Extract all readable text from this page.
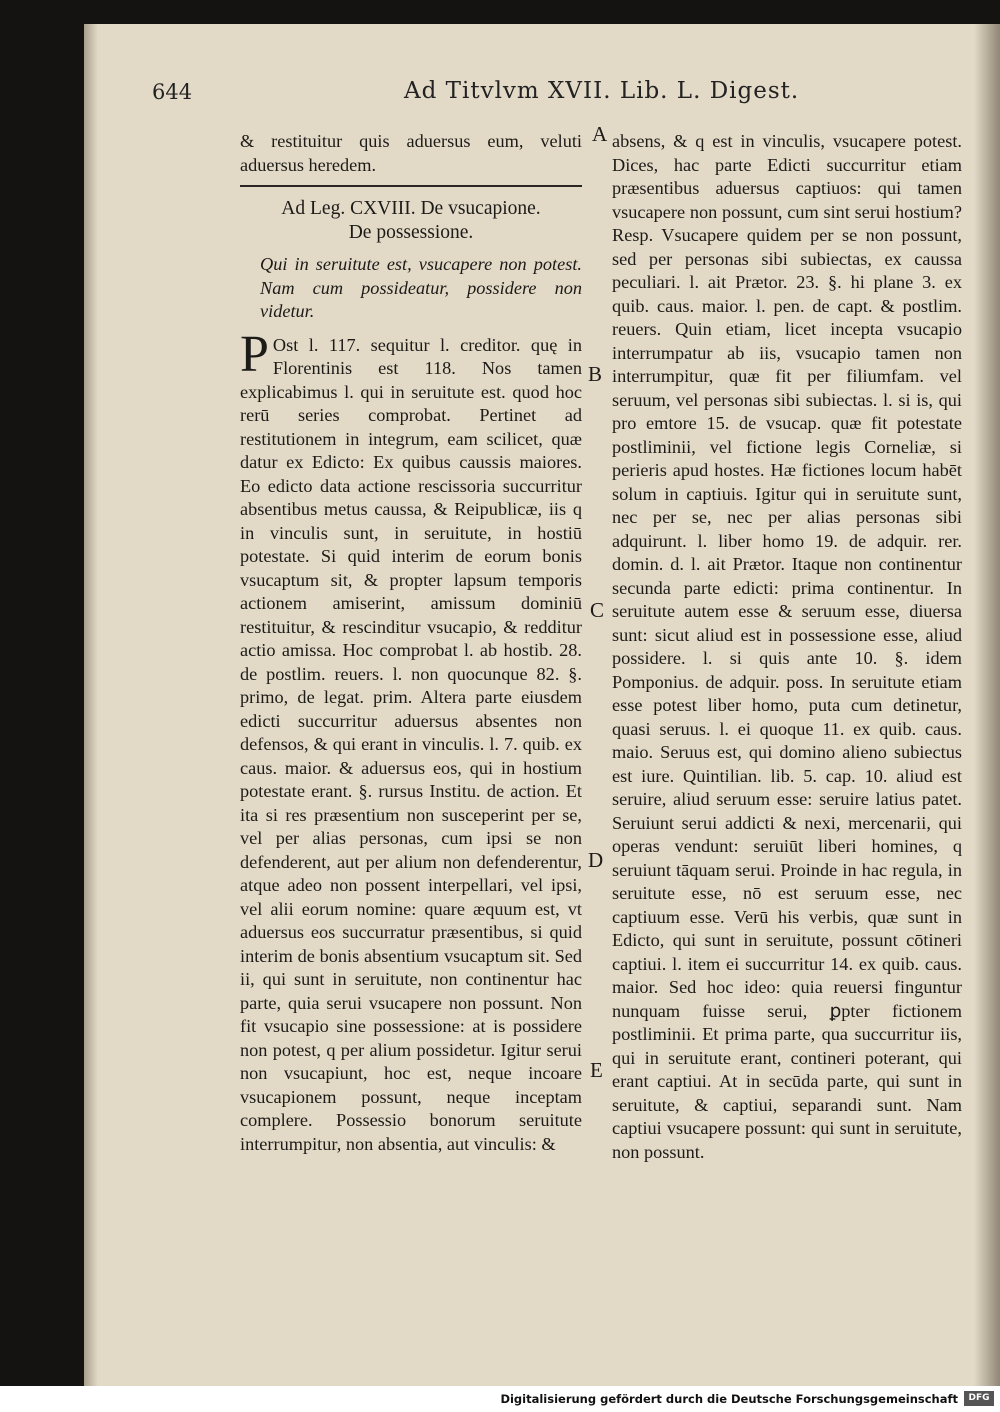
644	Ad Titvlvm XVII. Lib. L. Digest.

& restituitur quis aduersus eum, veluti aduersus heredem.

Ad Leg. CXVIII. De vsucapione.
De possessione.

Qui in seruitute est, vsucapere non potest. Nam cum possideatur, possidere non videtur.

P Ost l. 117. sequitur l. creditor. quę in Florentinis est 118. Nos tamen explicabimus l. qui in seruitute est. quod hoc rerū series comprobat. Pertinet ad restitutionem in integrum, eam scilicet, quæ datur ex Edicto: Ex quibus caussis maiores. Eo edicto data actione rescissoria succurritur absentibus metus caussa, & Reipublicæ, iis q in vinculis sunt, in seruitute, in hostiū potestate. Si quid interim de eorum bonis vsucaptum sit, & propter lapsum temporis actionem amiserint, amissum dominiū restituitur, & rescinditur vsucapio, & redditur actio amissa. Hoc comprobat l. ab hostib. 28. de postlim. reuers. l. non quocunque 82. §. primo, de legat. prim. Altera parte eiusdem edicti succurritur aduersus absentes non defensos, & qui erant in vinculis. l. 7. quib. ex caus. maior. & aduersus eos, qui in hostium potestate erant. §. rursus Institu. de action. Et ita si res præsentium non susceperint per se, vel per alias personas, cum ipsi se non defenderent, aut per alium non defenderentur, atque adeo non possent interpellari, vel ipsi, vel alii eorum nomine: quare æquum est, vt aduersus eos succurratur præsentibus, si quid interim de bonis absentium vsucaptum sit. Sed ii, qui sunt in seruitute, non continentur hac parte, quia serui vsucapere non possunt. Non fit vsucapio sine possessione: at is possidere non potest, q per alium possidetur. Igitur serui non vsucapiunt, hoc est, neque incoare vsucapionem possunt, neque inceptam complere. Possessio bonorum seruitute interrumpitur, non absentia, aut vinculis: &

absens, & q est in vinculis, vsucapere potest. Dices, hac parte Edicti succurritur etiam præsentibus aduersus captiuos: qui tamen vsucapere non possunt, cum sint serui hostium? Resp. Vsucapere quidem per se non possunt, sed per personas sibi subiectas, ex caussa peculiari. l. ait Prætor. 23. §. hi plane 3. ex quib. caus. maior. l. pen. de capt. & postlim. reuers. Quin etiam, licet incepta vsucapio interrumpatur ab iis, vsucapio tamen non interrumpitur, quæ fit per filiumfam. vel seruum, vel personas sibi subiectas. l. si is, qui pro emtore 15. de vsucap. quæ fit potestate postliminii, vel fictione legis Corneliæ, si perieris apud hostes. Hæ fictiones locum habēt solum in captiuis. Igitur qui in seruitute sunt, nec per se, nec per alias personas sibi adquirunt. l. liber homo 19. de adquir. rer. domin. d. l. ait Prætor. Itaque non continentur secunda parte edicti: prima continentur. In seruitute autem esse & seruum esse, diuersa sunt: sicut aliud est in possessione esse, aliud possidere. l. si quis ante 10. §. idem Pomponius. de adquir. poss. In seruitute etiam esse potest liber homo, puta cum detinetur, quasi seruus. l. ei quoque 11. ex quib. caus. maio. Seruus est, qui domino alieno subiectus est iure. Quintilian. lib. 5. cap. 10. aliud est seruire, aliud seruum esse: seruire latius patet. Seruiunt serui addicti & nexi, mercenarii, qui operas vendunt: seruiūt liberi homines, q seruiunt tāquam serui. Proinde in hac regula, in seruitute esse, nō est seruum esse, nec captiuum esse. Verū his verbis, quæ sunt in Edicto, qui sunt in seruitute, possunt cōtineri captiui. l. item ei succurritur 14. ex quib. caus. maior. Sed hoc ideo: quia reuersi finguntur nunquam fuisse serui, ꝑpter fictionem postliminii. Et prima parte, qua succurritur iis, qui in seruitute erant, contineri poterant, qui erant captiui. At in secūda parte, qui sunt in seruitute, & captiui, separandi sunt. Nam captiui vsucapere possunt: qui sunt in seruitute, non possunt.

A
B
C
D
E
Digitalisierung gefördert durch die Deutsche Forschungsgemeinschaft	DFG
